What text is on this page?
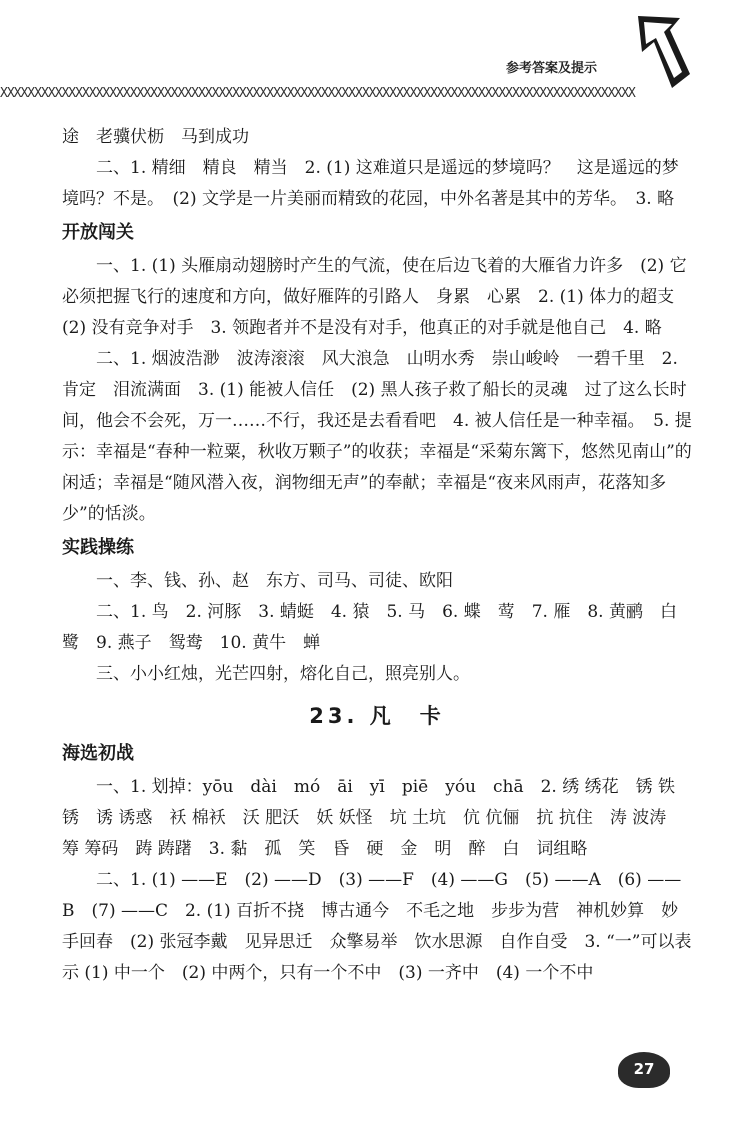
参考答案及提示
XXXXXXXXXXXXXXXXXXXXXXXXXXXXXXXXXXXXXXXXXXXXXXXXXXXXXXXXXXXXXXXXXXXXXXXXXXXXXXXXXXXXXXXXXXXXX

途　老骥伏枥　马到成功

二、1. 精细　精良　精当　2. (1) 这难道只是遥远的梦境吗？　这是遥远的梦境吗？不是。　(2) 文学是一片美丽而精致的花园，中外名著是其中的芳华。　3. 略

开放闯关

一、1. (1) 头雁扇动翅膀时产生的气流，使在后边飞着的大雁省力许多　(2) 它必须把握飞行的速度和方向，做好雁阵的引路人　身累　心累　2. (1) 体力的超支　(2) 没有竞争对手　3. 领跑者并不是没有对手，他真正的对手就是他自己　4. 略

二、1. 烟波浩渺　波涛滚滚　风大浪急　山明水秀　崇山峻岭　一碧千里　2. 肯定　泪流满面　3. (1) 能被人信任　(2) 黑人孩子救了船长的灵魂　过了这么长时间，他会不会死，万一……不行，我还是去看看吧　4. 被人信任是一种幸福。　5. 提示：幸福是“春种一粒粟，秋收万颗子”的收获；幸福是“采菊东篱下，悠然见南山”的闲适；幸福是“随风潜入夜，润物细无声”的奉献；幸福是“夜来风雨声，花落知多少”的恬淡。

实践操练

一、李、钱、孙、赵　东方、司马、司徒、欧阳

二、1. 鸟　2. 河豚　3. 蜻蜓　4. 猿　5. 马　6. 蝶　莺　7. 雁　8. 黄鹂　白鹭　9. 燕子　鸳鸯　10. 黄牛　蝉

三、小小红烛，光芒四射，熔化自己，照亮别人。

23. 凡　卡

海选初战

一、1. 划掉：yōu　dài　mó　āi　yī　piē　yóu　chā　2. 绣 绣花　锈 铁锈　诱 诱惑　袄 棉袄　沃 肥沃　妖 妖怪　坑 土坑　伉 伉俪　抗 抗住　涛 波涛　筹 筹码　踌 踌躇　3. 黏　孤　笑　昏　硬　金　明　醉　白　词组略

二、1. (1) ——E　(2) ——D　(3) ——F　(4) ——G　(5) ——A　(6) ——B　(7) ——C　2. (1) 百折不挠　博古通今　不毛之地　步步为营　神机妙算　妙手回春　(2) 张冠李戴　见异思迁　众擎易举　饮水思源　自作自受　3. “一”可以表示 (1) 中一个　(2) 中两个，只有一个不中　(3) 一齐中　(4) 一个不中

27
